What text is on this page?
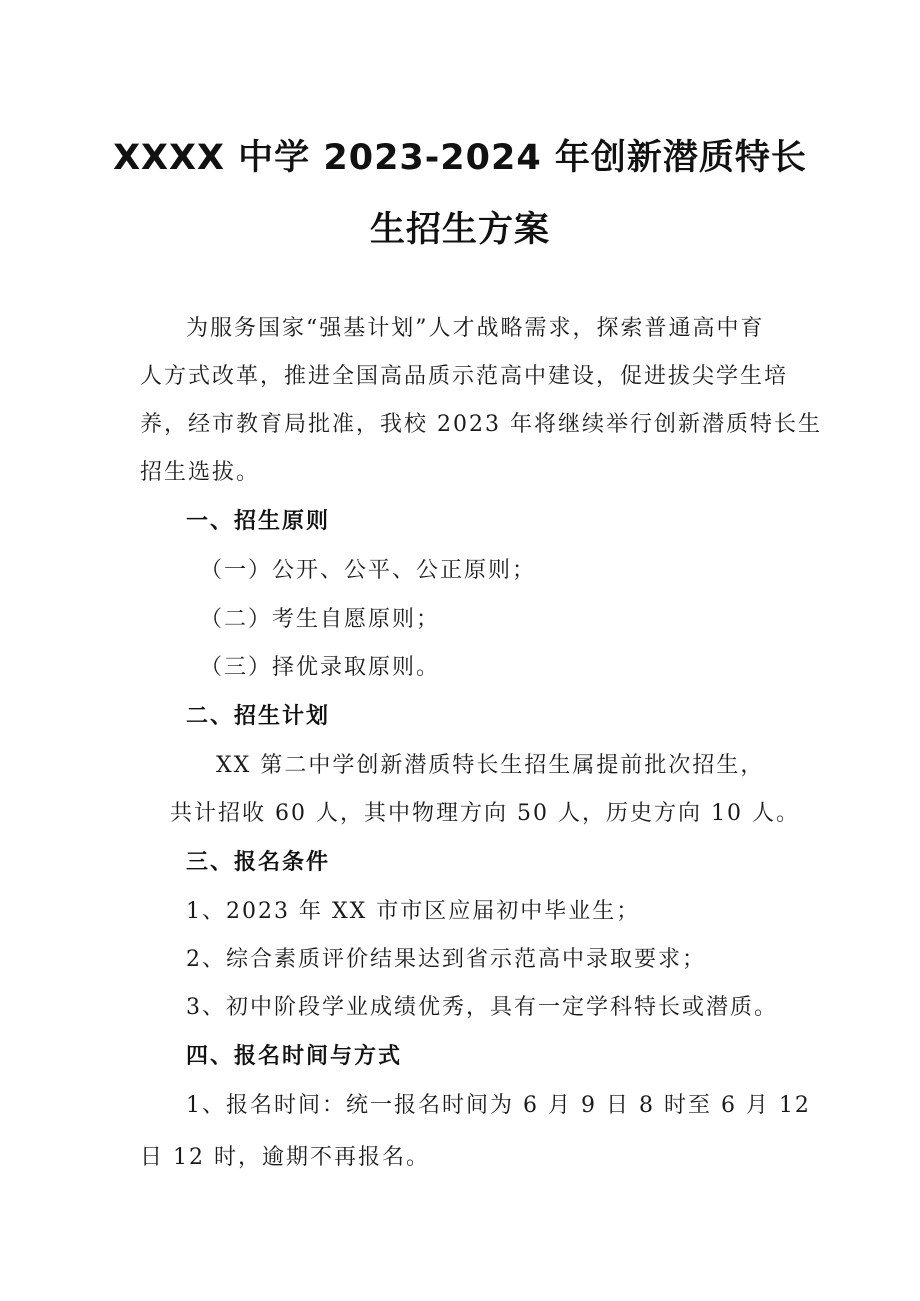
XXXX 中学 2023-2024 年创新潜质特长
生招生方案
为服务国家“强基计划”人才战略需求，探索普通高中育
人方式改革，推进全国高品质示范高中建设，促进拔尖学生培
养，经市教育局批准，我校 2023 年将继续举行创新潜质特长生
招生选拔。
一、招生原则
（一）公开、公平、公正原则；
（二）考生自愿原则；
（三）择优录取原则。
二、招生计划
XX 第二中学创新潜质特长生招生属提前批次招生，
共计招收 60 人，其中物理方向 50 人，历史方向 10 人。
三、报名条件
1、2023 年 XX 市市区应届初中毕业生；
2、综合素质评价结果达到省示范高中录取要求；
3、初中阶段学业成绩优秀，具有一定学科特长或潜质。
四、报名时间与方式
1、报名时间：统一报名时间为 6 月 9 日 8 时至 6 月 12
日 12 时，逾期不再报名。
